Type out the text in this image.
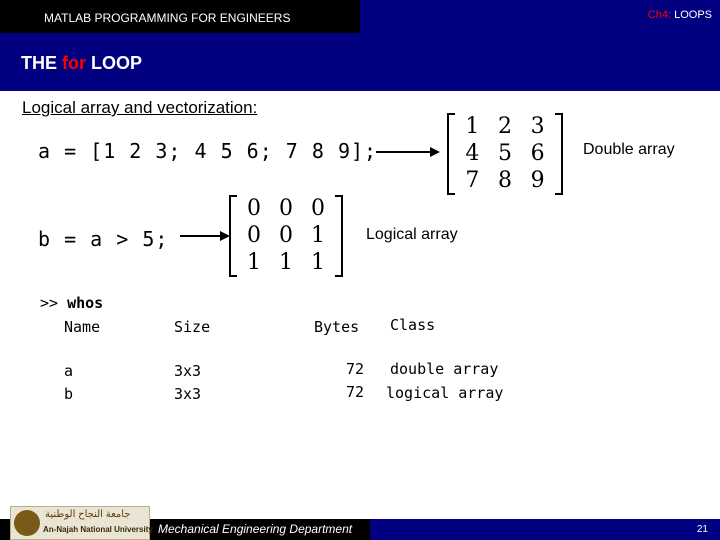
MATLAB PROGRAMMING FOR ENGINEERS	Ch4: LOOPS
THE for LOOP
Logical array and vectorization:
a = [1 2 3; 4 5 6; 7 8 9];
1 2 3
4 5 6
7 8 9
Double array
b = a > 5;
0 0 0
0 0 1
1 1 1
Logical array
>> whos
Name	Size	Bytes Class
a	3x3	72 double array
b	3x3	72 logical array
Mechanical Engineering Department	21
جامعة النجاح الوطنية
An-Najah National University
